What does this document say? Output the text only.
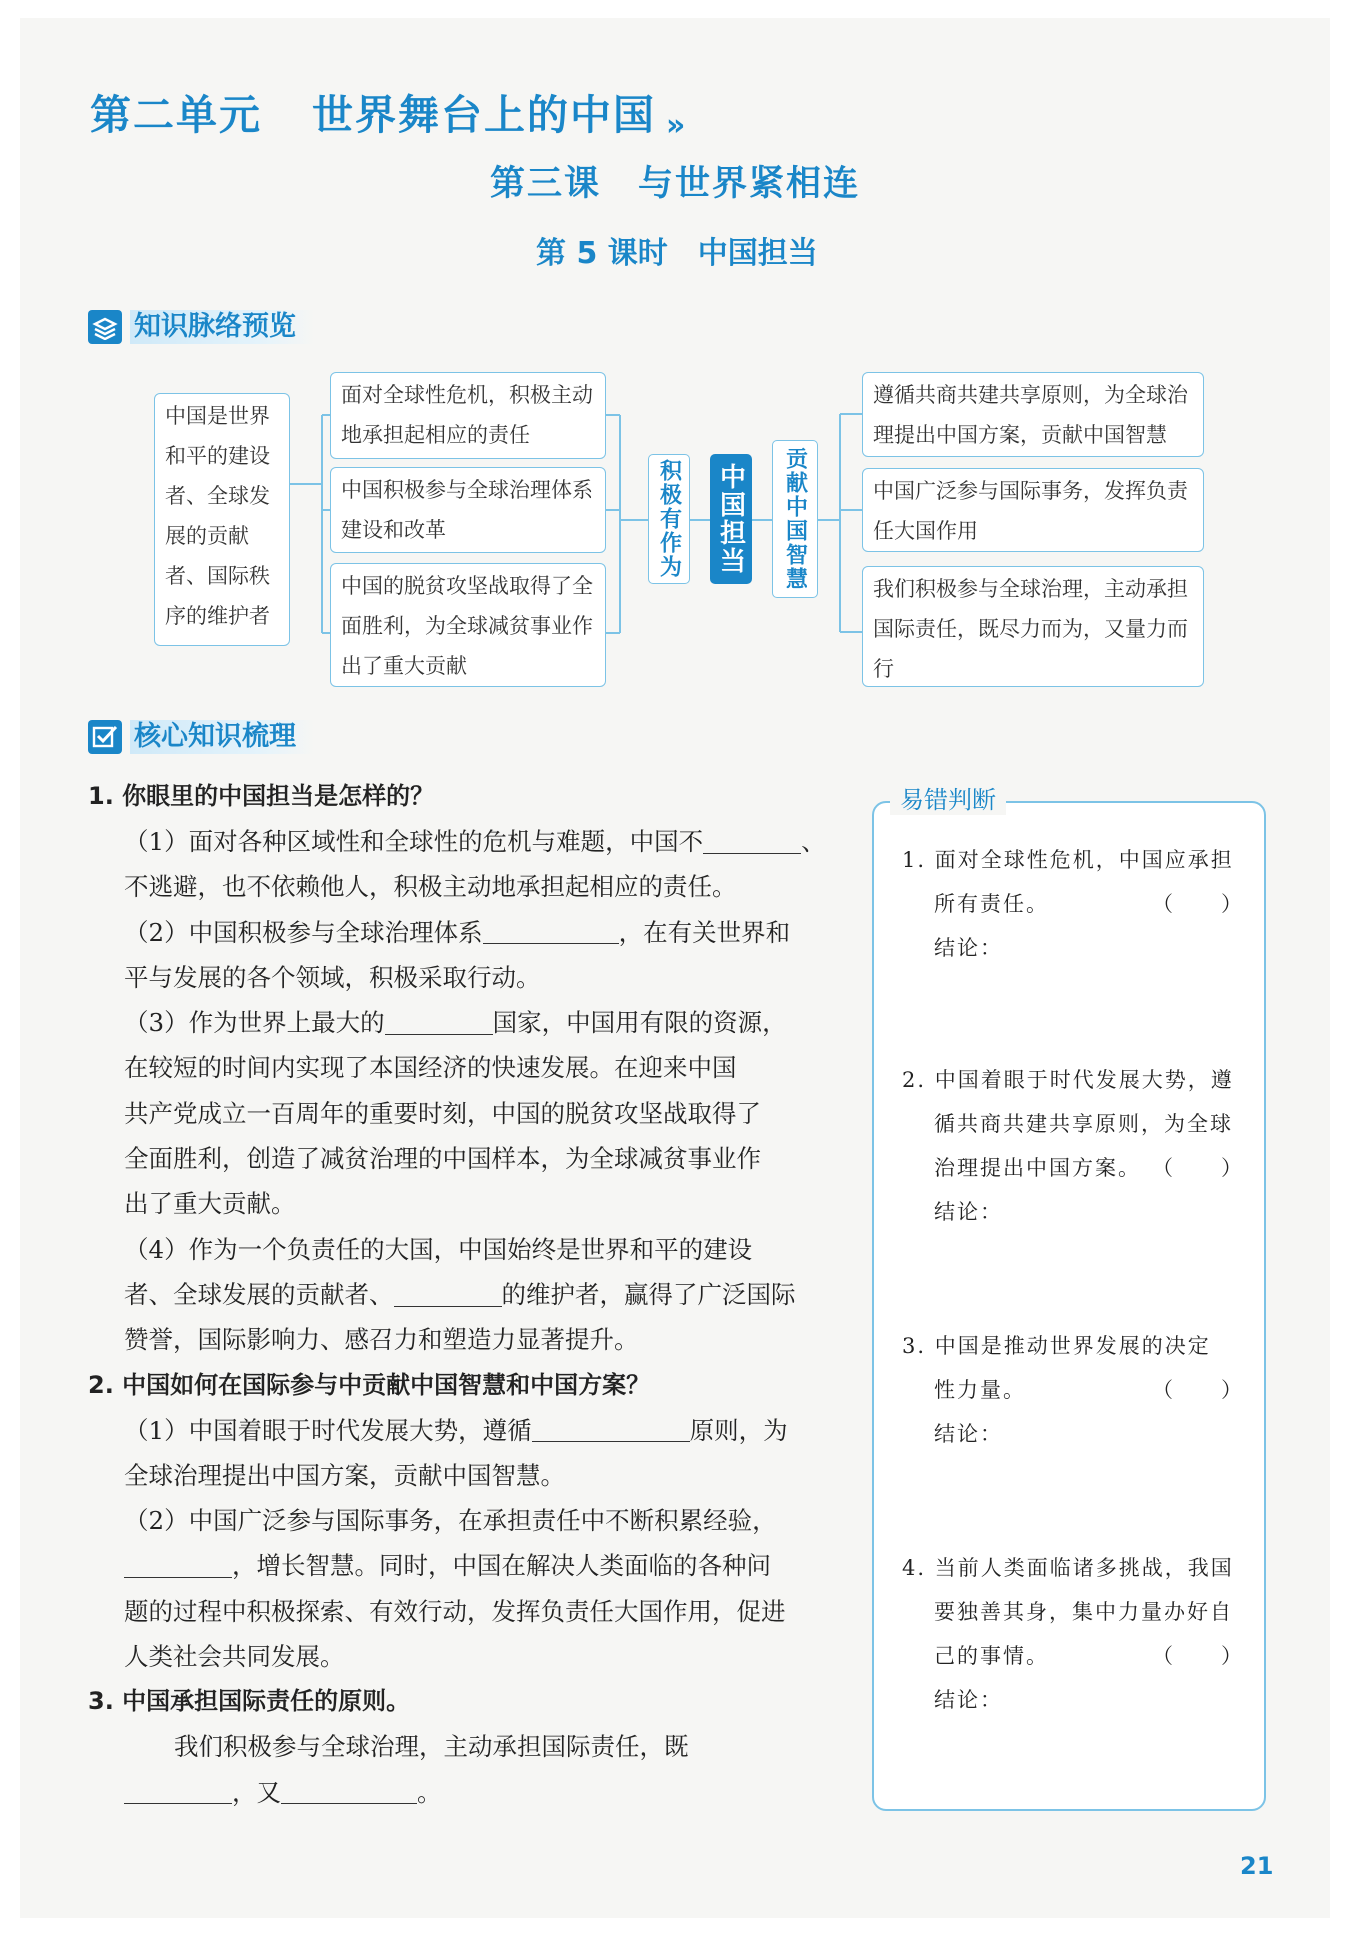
第二单元 世界舞台上的中国 »
第三课　与世界紧相连
第 5 课时　中国担当
知识脉络预览
中国是世界和平的建设者、全球发展的贡献者、国际秩序的维护者
面对全球性危机，积极主动地承担起相应的责任
中国积极参与全球治理体系建设和改革
中国的脱贫攻坚战取得了全面胜利，为全球减贫事业作出了重大贡献
积极有作为	中国担当	贡献中国智慧
遵循共商共建共享原则，为全球治理提出中国方案，贡献中国智慧
中国广泛参与国际事务，发挥负责任大国作用
我们积极参与全球治理，主动承担国际责任，既尽力而为，又量力而行
核心知识梳理
1. 你眼里的中国担当是怎样的？
（1）面对各种区域性和全球性的危机与难题，中国不	、
不逃避，也不依赖他人，积极主动地承担起相应的责任。
（2）中国积极参与全球治理体系	，在有关世界和
平与发展的各个领域，积极采取行动。
（3）作为世界上最大的	国家，中国用有限的资源，
在较短的时间内实现了本国经济的快速发展。在迎来中国
共产党成立一百周年的重要时刻，中国的脱贫攻坚战取得了
全面胜利，创造了减贫治理的中国样本，为全球减贫事业作
出了重大贡献。
（4）作为一个负责任的大国，中国始终是世界和平的建设
者、全球发展的贡献者、	的维护者，赢得了广泛国际
赞誉，国际影响力、感召力和塑造力显著提升。
2. 中国如何在国际参与中贡献中国智慧和中国方案？
（1）中国着眼于时代发展大势，遵循	原则，为
全球治理提出中国方案，贡献中国智慧。
（2）中国广泛参与国际事务，在承担责任中不断积累经验，
，增长智慧。同时，中国在解决人类面临的各种问
题的过程中积极探索、有效行动，发挥负责任大国作用，促进
人类社会共同发展。
3. 中国承担国际责任的原则。
我们积极参与全球治理，主动承担国际责任，既
，又	。
易错判断
1. 面对全球性危机，中国应承担
所有责任。	（　　）
结论：
2. 中国着眼于时代发展大势，遵
循共商共建共享原则，为全球
治理提出中国方案。 （　　）
结论：
3. 中国是推动世界发展的决定
性力量。	（　　）
结论：
4. 当前人类面临诸多挑战，我国
要独善其身，集中力量办好自
己的事情。	（　　）
结论：
21
